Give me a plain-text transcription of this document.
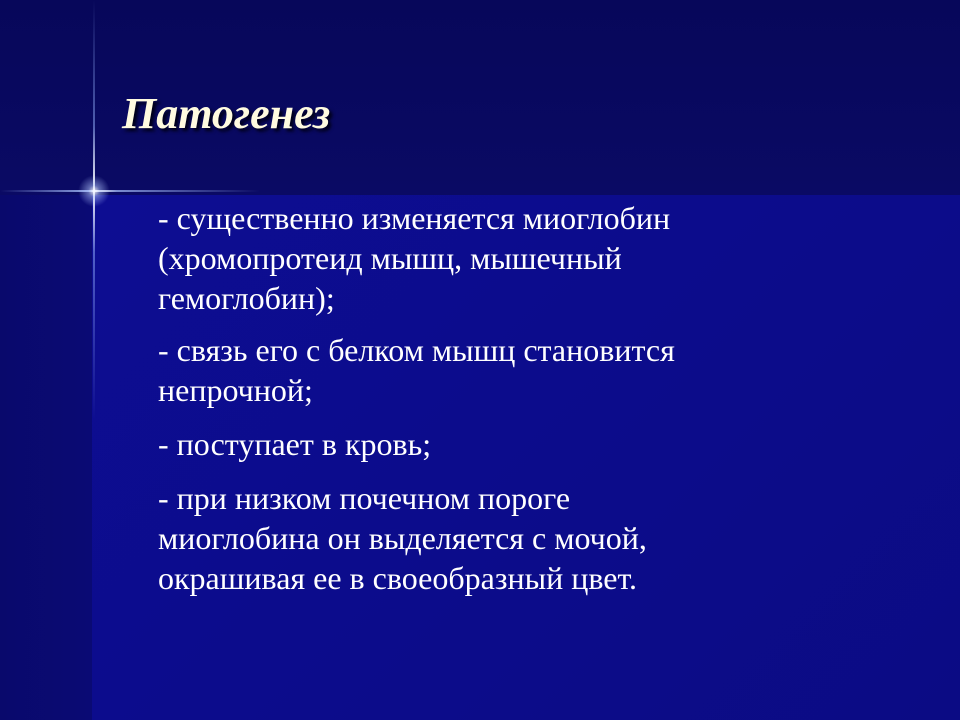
Патогенез
- существенно изменяется миоглобин
(хромопротеид мышц, мышечный
гемоглобин);
- связь его с белком мышц становится
непрочной;
- поступает в кровь;
- при низком почечном пороге
миоглобина он выделяется с мочой,
окрашивая ее в своеобразный цвет.
